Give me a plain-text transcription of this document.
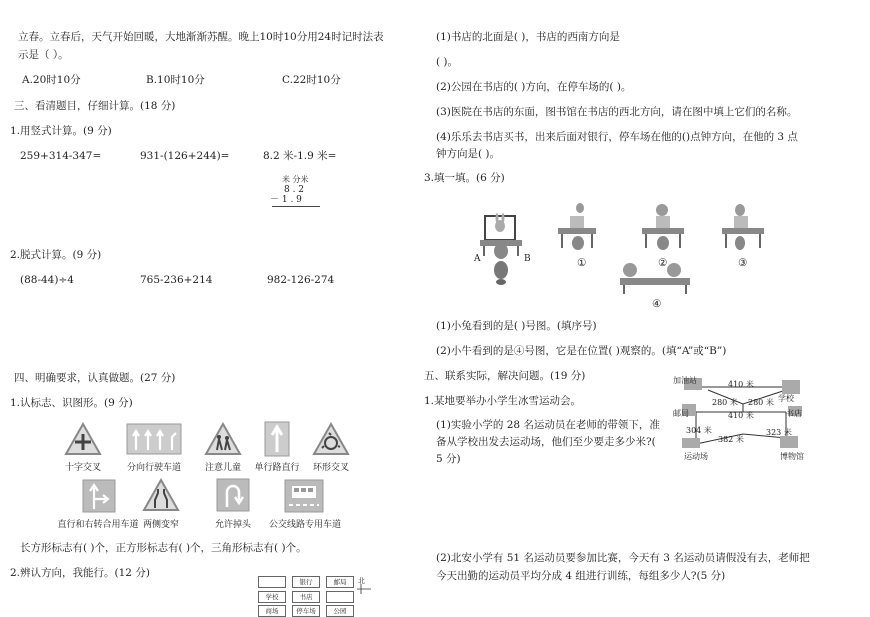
立春。立春后，天气开始回暖，大地渐渐苏醒。晚上10时10分用24时记时法表
示是（ ）。
A.20时10分	B.10时10分	C.22时10分
三、看清题目，仔细计算。(18 分)
1.用竖式计算。(9 分)
259+314-347=	931-(126+244)=	8.2 米-1.9 米=
米 分米
8 . 2
－ 1 . 9
2.脱式计算。(9 分)
(88-44)÷4	765-236+214	982-126-274
四、明确要求，认真做题。(27 分)
1.认标志、识图形。(9 分)
十字交叉	分向行驶车道	注意儿童	单行路直行	环形交叉
直行和右转合用车道 两侧变窄	允许掉头	公交线路专用车道
长方形标志有( )个，正方形标志有( )个，三角形标志有( )个。
2.辨认方向，我能行。(12 分)
银行	邮局
学校	书店
商场	停车场	公园
北
(1)书店的北面是( )，书店的西南方向是
( )。
(2)公园在书店的( )方向，在停车场的( )。
(3)医院在书店的东面，图书馆在书店的西北方向，请在图中填上它们的名称。
(4)乐乐去书店买书，出来后面对银行，停车场在他的()点钟方向，在他的 3 点
钟方向是( )。
3.填一填。(6 分)
A	B	①	②	③
④
(1)小兔看到的是( )号图。(填序号)
(2)小牛看到的是④号图，它是在位置( )观察的。(填“A”或“B”)
五、联系实际，解决问题。(19 分)
1.某地要举办小学生冰雪运动会。
(1)实验小学的 28 名运动员在老师的带领下，准
备从学校出发去运动场，他们至少要走多少米?(
5 分)
加油站
邮局
学校
书店
运动场	博物馆
410 米
280 米 280 米
410 米
304 米
382 米
323 米
(2)北安小学有 51 名运动员要参加比赛，今天有 3 名运动员请假没有去，老师把
今天出勤的运动员平均分成 4 组进行训练，每组多少人?(5 分)
